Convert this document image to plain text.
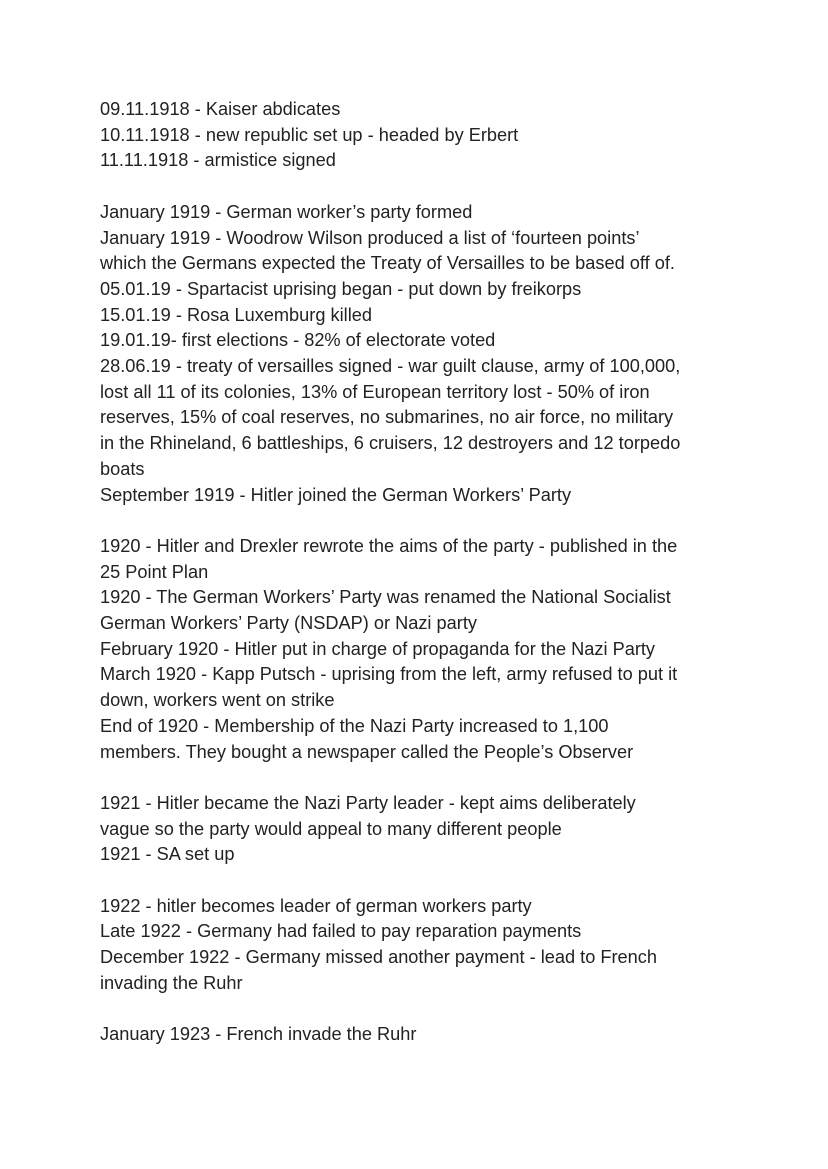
09.11.1918 - Kaiser abdicates
10.11.1918 - new republic set up - headed by Erbert
11.11.1918 - armistice signed
January 1919 - German worker’s party formed
January 1919 - Woodrow Wilson produced a list of ‘fourteen points’
which the Germans expected the Treaty of Versailles to be based off of.
05.01.19 - Spartacist uprising began - put down by freikorps
15.01.19 - Rosa Luxemburg killed
19.01.19- first elections - 82% of electorate voted
28.06.19 - treaty of versailles signed - war guilt clause, army of 100,000,
lost all 11 of its colonies, 13% of European territory lost - 50% of iron
reserves, 15% of coal reserves, no submarines, no air force, no military
in the Rhineland, 6 battleships, 6 cruisers, 12 destroyers and 12 torpedo
boats
September 1919 - Hitler joined the German Workers’ Party
1920 - Hitler and Drexler rewrote the aims of the party - published in the
25 Point Plan
1920 - The German Workers’ Party was renamed the National Socialist
German Workers’ Party (NSDAP) or Nazi party
February 1920 - Hitler put in charge of propaganda for the Nazi Party
March 1920 - Kapp Putsch - uprising from the left, army refused to put it
down, workers went on strike
End of 1920 - Membership of the Nazi Party increased to 1,100
members. They bought a newspaper called the People’s Observer
1921 - Hitler became the Nazi Party leader - kept aims deliberately
vague so the party would appeal to many different people
1921 - SA set up
1922 - hitler becomes leader of german workers party
Late 1922 - Germany had failed to pay reparation payments
December 1922 - Germany missed another payment - lead to French
invading the Ruhr
January 1923 - French invade the Ruhr
